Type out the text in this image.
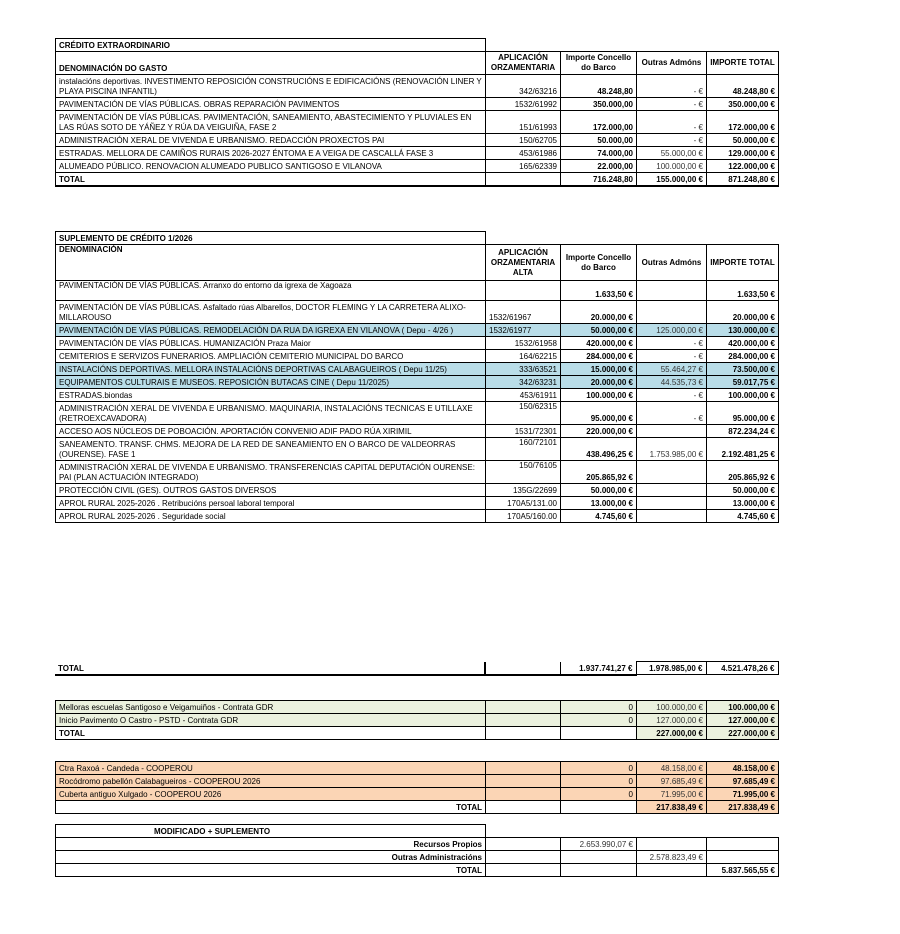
CRÉDITO EXTRAORDINARIO				
DENOMINACIÓN DO GASTO	APLICACIÓN ORZAMENTARIA	Importe Concello do Barco	Outras Admóns	IMPORTE TOTAL
instalacións deportivas. INVESTIMENTO REPOSICIÓN CONSTRUCIÓNS E EDIFICACIÓNS (RENOVACIÓN LINER Y PLAYA PISCINA INFANTIL)	342/63216	48.248,80	- €	48.248,80 €
PAVIMENTACIÓN DE VÍAS PÚBLICAS. OBRAS REPARACIÓN PAVIMENTOS	1532/61992	350.000,00	- €	350.000,00 €
PAVIMENTACIÓN DE VÍAS PÚBLICAS. PAVIMENTACIÓN, SANEAMIENTO, ABASTECIMIENTO Y PLUVIALES EN LAS RÚAS SOTO DE YÁÑEZ Y RÚA DA VEIGUIÑA, FASE 2	151/61993	172.000,00	- €	172.000,00 €
ADMINISTRACIÓN XERAL DE VIVENDA E URBANISMO. REDACCIÓN PROXECTOS PAI	150/62705	50.000,00	- €	50.000,00 €
ESTRADAS. MELLORA DE CAMIÑOS RURAIS 2026-2027 ÉNTOMA E A VEIGA DE CASCALLÁ FASE 3	453/61986	74.000,00	55.000,00 €	129.000,00 €
ALUMEADO PÚBLICO. RENOVACION ALUMEADO PUBLICO SANTIGOSO E VILANOVA	165/62339	22.000,00	100.000,00 €	122.000,00 €
TOTAL		716.248,80	155.000,00 €	871.248,80 €
SUPLEMENTO DE CRÉDITO 1/2026				
DENOMINACIÓN	APLICACIÓN ORZAMENTARIA ALTA	Importe Concello do Barco	Outras Admóns	IMPORTE TOTAL
PAVIMENTACIÓN DE VÍAS PÚBLICAS. Arranxo do entorno da igrexa de Xagoaza		1.633,50 €		1.633,50 €
PAVIMENTACIÓN DE VÍAS PÚBLICAS. Asfaltado rúas Albarellos, DOCTOR FLEMING Y LA CARRETERA ALIXO-MILLAROUSO	1532/61967	20.000,00 €		20.000,00 €
PAVIMENTACIÓN DE VÍAS PÚBLICAS. REMODELACIÓN DA RUA DA IGREXA EN VILANOVA ( Depu - 4/26 )	1532/61977	50.000,00 €	125.000,00 €	130.000,00 €
PAVIMENTACIÓN DE VÍAS PÚBLICAS. HUMANIZACIÓN Praza Maior	1532/61958	420.000,00 €	- €	420.000,00 €
CEMITERIOS E SERVIZOS FUNERARIOS. AMPLIACIÓN CEMITERIO MUNICIPAL DO BARCO	164/62215	284.000,00 €	- €	284.000,00 €
INSTALACIÓNS DEPORTIVAS. MELLORA INSTALACIÓNS DEPORTIVAS CALABAGUEIROS ( Depu 11/25)	333/63521	15.000,00 €	55.464,27 €	73.500,00 €
EQUIPAMENTOS CULTURAIS E MUSEOS. REPOSICIÓN BUTACAS CINE ( Depu 11/2025)	342/63231	20.000,00 €	44.535,73 €	59.017,75 €
ESTRADAS.biondas	453/61911	100.000,00 €	- €	100.000,00 €
ADMINISTRACIÓN XERAL DE VIVENDA E URBANISMO. MAQUINARIA, INSTALACIÓNS TECNICAS E UTILLAXE (RETROEXCAVADORA)	150/62315	95.000,00 €	- €	95.000,00 €
ACCESO AOS NÚCLEOS DE POBOACIÓN. APORTACIÓN CONVENIO ADIF PADO RÚA XIRIMIL	1531/72301	220.000,00 €		872.234,24 €
SANEAMENTO. TRANSF. CHMS. MEJORA DE LA RED DE SANEAMIENTO EN O BARCO DE VALDEORRAS (OURENSE). FASE 1	160/72101	438.496,25 €	1.753.985,00 €	2.192.481,25 €
ADMINISTRACIÓN XERAL DE VIVENDA E URBANISMO. TRANSFERENCIAS CAPITAL DEPUTACIÓN OURENSE: PAI (PLAN ACTUACIÓN INTEGRADO)	150/76105	205.865,92 €		205.865,92 €
PROTECCIÓN CIVIL (GES). OUTROS GASTOS DIVERSOS	135G/22699	50.000,00 €		50.000,00 €
APROL RURAL 2025-2026 . Retribucións persoal laboral temporal	170A5/131.00	13.000,00 €		13.000,00 €
APROL RURAL 2025-2026 . Seguridade social	170A5/160.00	4.745,60 €		4.745,60 €
TOTAL		1.937.741,27 €	1.978.985,00 €	4.521.478,26 €
Melloras escuelas Santigoso e Veigamuiños - Contrata GDR		0	100.000,00 €	100.000,00 €
Inicio Pavimento O Castro - PSTD - Contrata GDR		0	127.000,00 €	127.000,00 €
TOTAL			227.000,00 €	227.000,00 €
Ctra Raxoá - Candeda - COOPEROU		0	48.158,00 €	48.158,00 €
Rocódromo pabellón Calabagueiros - COOPEROU 2026		0	97.685,49 €	97.685,49 €
Cuberta antiguo Xulgado - COOPEROU 2026		0	71.995,00 €	71.995,00 €
TOTAL			217.838,49 €	217.838,49 €
MODIFICADO + SUPLEMENTO				
Recursos Propios		2.653.990,07 €		
Outras Administracións			2.578.823,49 €	
TOTAL				5.837.565,55 €
